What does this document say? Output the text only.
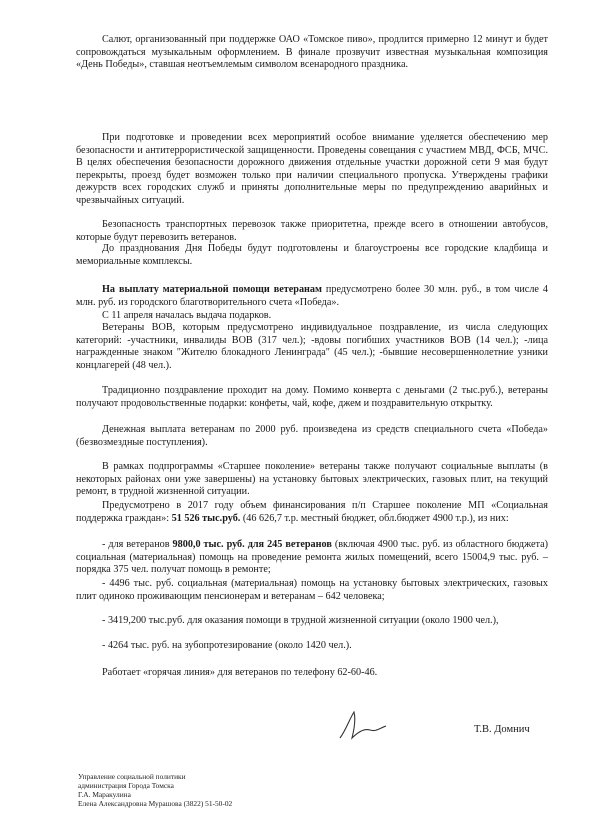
Салют, организованный при поддержке ОАО «Томское пиво», продлится примерно 12 минут и будет сопровождаться музыкальным оформлением. В финале прозвучит известная музыкальная композиция «День Победы», ставшая неотъемлемым символом всенародного праздника.

При подготовке и проведении всех мероприятий особое внимание уделяется обеспечению мер безопасности и антитеррористической защищенности. Проведены совещания с участием МВД, ФСБ, МЧС. В целях обеспечения безопасности дорожного движения отдельные участки дорожной сети 9 мая будут перекрыты, проезд будет возможен только при наличии специального пропуска. Утверждены графики дежурств всех городских служб и приняты дополнительные меры по предупреждению аварийных и чрезвычайных ситуаций.

Безопасность транспортных перевозок также приоритетна, прежде всего в отношении автобусов, которые будут перевозить ветеранов.

До празднования Дня Победы будут подготовлены и благоустроены все городские кладбища и мемориальные комплексы.

На выплату материальной помощи ветеранам предусмотрено более 30 млн. руб., в том числе 4 млн. руб. из городского благотворительного счета «Победа».

С 11 апреля началась выдача подарков.

Ветераны ВОВ, которым предусмотрено индивидуальное поздравление, из числа следующих категорий: -участники, инвалиды ВОВ (317 чел.); -вдовы погибших участников ВОВ (14 чел.); -лица награжденные знаком "Жителю блокадного Ленинграда" (45 чел.); -бывшие несовершеннолетние узники концлагерей (48 чел.).

Традиционно поздравление проходит на дому. Помимо конверта с деньгами (2 тыс.руб.), ветераны получают продовольственные подарки: конфеты, чай, кофе, джем и поздравительную открытку.

Денежная выплата ветеранам по 2000 руб. произведена из средств специального счета «Победа» (безвозмездные поступления).

В рамках подпрограммы «Старшее поколение» ветераны также получают социальные выплаты (в некоторых районах они уже завершены) на установку бытовых электрических, газовых плит, на текущий ремонт, в трудной жизненной ситуации.

Предусмотрено в 2017 году объем финансирования п/п Старшее поколение МП «Социальная поддержка граждан»: 51 526 тыс.руб. (46 626,7 т.р. местный бюджет, обл.бюджет 4900 т.р.), из них:

- для ветеранов 9800,0 тыс. руб. для 245 ветеранов (включая 4900 тыс. руб. из областного бюджета) социальная (материальная) помощь на проведение ремонта жилых помещений, всего 15004,9 тыс. руб. – порядка 375 чел. получат помощь в ремонте;

- 4496 тыс. руб. социальная (материальная) помощь на установку бытовых электрических, газовых плит одиноко проживающим пенсионерам и ветеранам – 642 человека;

- 3419,200 тыс.руб. для оказания помощи в трудной жизненной ситуации (около 1900 чел.),

- 4264 тыс. руб. на зубопротезирование (около 1420 чел.).

Работает «горячая линия» для ветеранов по телефону 62-60-46.

Т.В. Домнич
Управление социальной политики
администрация Города Томска
Г.А. Маракулина
Елена Александровна Мурашова (3822) 51-50-02
